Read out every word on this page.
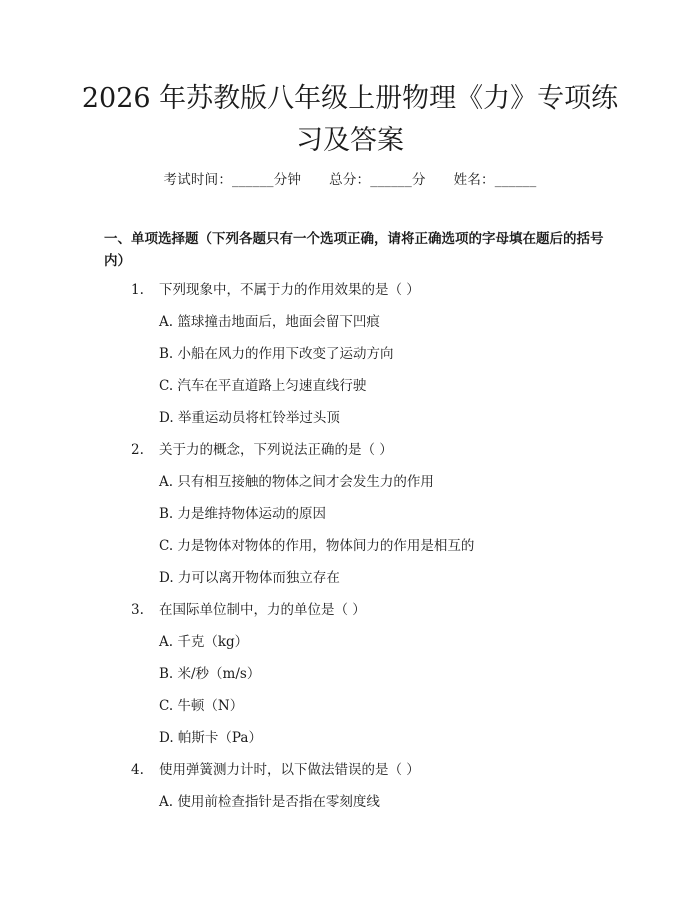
2026 年苏教版八年级上册物理《力》专项练
习及答案
考试时间：______分钟 总分：______分 姓名：______
一、单项选择题（下列各题只有一个选项正确，请将正确选项的字母填在题后的括号内）
1. 下列现象中，不属于力的作用效果的是（ ）
A. 篮球撞击地面后，地面会留下凹痕
B. 小船在风力的作用下改变了运动方向
C. 汽车在平直道路上匀速直线行驶
D. 举重运动员将杠铃举过头顶
2. 关于力的概念，下列说法正确的是（ ）
A. 只有相互接触的物体之间才会发生力的作用
B. 力是维持物体运动的原因
C. 力是物体对物体的作用，物体间力的作用是相互的
D. 力可以离开物体而独立存在
3. 在国际单位制中，力的单位是（ ）
A. 千克（kg）
B. 米/秒（m/s）
C. 牛顿（N）
D. 帕斯卡（Pa）
4. 使用弹簧测力计时，以下做法错误的是（ ）
A. 使用前检查指针是否指在零刻度线
